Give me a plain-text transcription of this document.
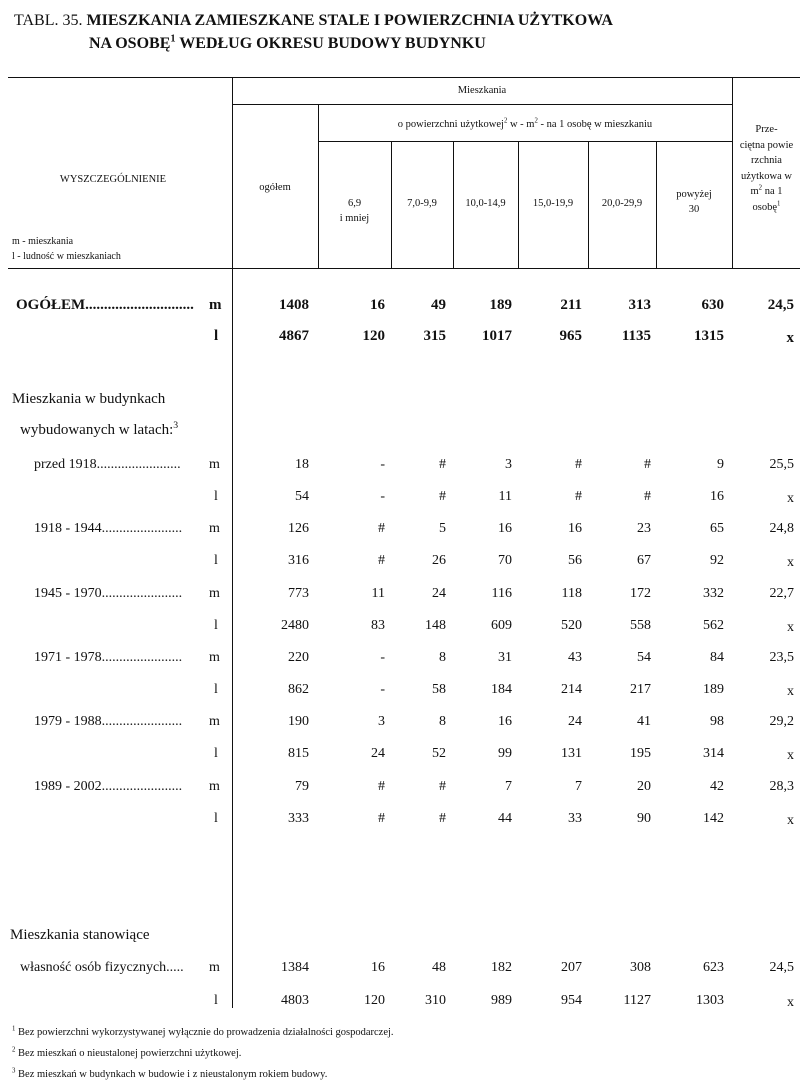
TABL. 35. MIESZKANIA ZAMIESZKANE STALE I POWIERZCHNIA UŻYTKOWA
NA OSOBĘ$^1$ WEDŁUG OKRESU BUDOWY BUDYNKU
WYSZCZEGÓLNIENIE
m - mieszkania
l - ludność w mieszkaniach
Mieszkania
o powierzchni użytkowej$^2$ w - $m^2$ - na 1 osobę w mieszkaniu
ogółem
6,9
i mniej
7,0-9,9	10,0-14,9	15,0-19,9	20,0-29,9
powyżej
30
Prze-
ciętna powie
rzchnia
użytkowa w
$m^2$ na 1
osobę$^1$
Mieszkania w budynkach
wybudowanych w latach:$^3$
Mieszkania stanowiące
OGÓŁEM............................. m	1408	16	49	189	211	313	630	24,5
l	4867	120	315 1017	965	1135	1315	x
przed 1918........................ m	18	-	#	3	#	#	9	25,5
l	54	-	#	11	#	#	16	x
1918 - 1944....................... m	126	#	5	16	16	23	65	24,8
l	316	#	26	70	56	67	92	x
1945 - 1970....................... m	773	11	24	116	118	172	332	22,7
l	2480	83	148	609	520	558	562	x
1971 - 1978....................... m	220	-	8	31	43	54	84	23,5
l	862	-	58	184	214	217	189	x
1979 - 1988....................... m	190	3	8	16	24	41	98	29,2
l	815	24	52	99	131	195	314	x
1989 - 2002....................... m	79	#	#	7	7	20	42	28,3
l	333	#	#	44	33	90	142	x
własność osób fizycznych..... m	1384	16	48	182	207	308	623	24,5
l	4803	120	310	989	954	1127	1303	x
$^1$ Bez powierzchni wykorzystywanej wyłącznie do prowadzenia działalności gospodarczej.
$^2$ Bez mieszkań o nieustalonej powierzchni użytkowej.
$^3$ Bez mieszkań w budynkach w budowie i z nieustalonym rokiem budowy.
